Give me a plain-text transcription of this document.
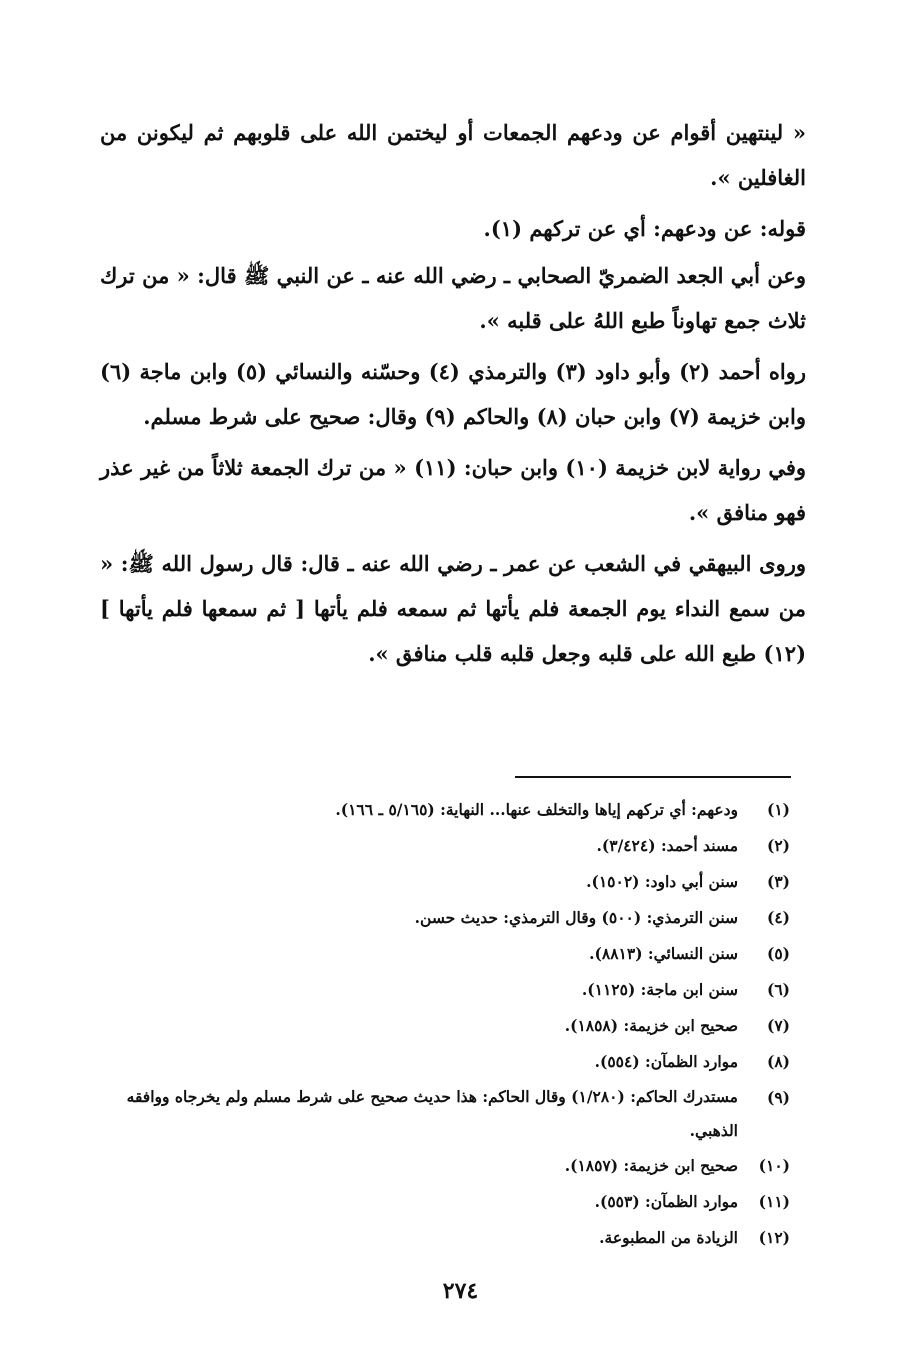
« لينتهين أقوام عن ودعهم الجمعات أو ليختمن الله على قلوبهم ثم ليكونن من الغافلين ».

قوله: عن ودعهم: أي عن تركهم (١).

وعن أبي الجعد الضمريّ الصحابي ـ رضي الله عنه ـ عن النبي ﷺ قال: « من ترك ثلاث جمع تهاوناً طبع اللهُ على قلبه ».

رواه أحمد (٢) وأبو داود (٣) والترمذي (٤) وحسّنه والنسائي (٥) وابن ماجة (٦) وابن خزيمة (٧) وابن حبان (٨) والحاكم (٩) وقال: صحيح على شرط مسلم.

وفي رواية لابن خزيمة (١٠) وابن حبان: (١١) « من ترك الجمعة ثلاثاً من غير عذر فهو منافق ».

وروى البيهقي في الشعب عن عمر ـ رضي الله عنه ـ قال: قال رسول الله ﷺ: « من سمع النداء يوم الجمعة فلم يأتها ثم سمعه فلم يأتها [ ثم سمعها فلم يأتها ] (١٢) طبع الله على قلبه وجعل قلبه قلب منافق ».

(١)
ودعهم: أي تركهم إياها والتخلف عنها... النهاية: (٥/١٦٥ ـ ١٦٦).
(٢)
مسند أحمد: (٣/٤٢٤).
(٣)
سنن أبي داود: (١٥٠٢).
(٤)
سنن الترمذي: (٥٠٠) وقال الترمذي: حديث حسن.
(٥)
سنن النسائي: (٨٨١٣).
(٦)
سنن ابن ماجة: (١١٢٥).
(٧)
صحيح ابن خزيمة: (١٨٥٨).
(٨)
موارد الظمآن: (٥٥٤).
(٩)
مستدرك الحاكم: (١/٢٨٠) وقال الحاكم: هذا حديث صحيح على شرط مسلم ولم يخرجاه ووافقه الذهبي.
(١٠)
صحيح ابن خزيمة: (١٨٥٧).
(١١)
موارد الظمآن: (٥٥٣).
(١٢)
الزيادة من المطبوعة.
٢٧٤
